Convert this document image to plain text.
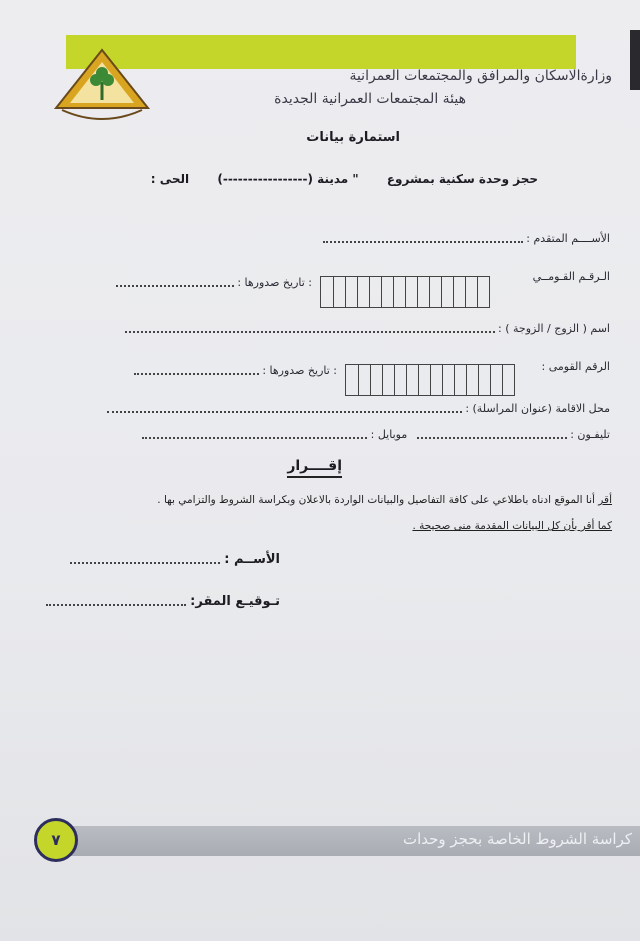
وزارةالاسكان والمرافق والمجتمعات العمرانية
هيئة المجتمعات العمرانية الجديدة
استمارة بيانات
حجز وحدة سكنية بمشروع " مدينة (-----------------) الحى :
الأســــم المتقدم :
الـرقـم القـومــي
: تاريخ صدورها :
اسم ( الزوج / الزوجة ) :
الرقم القومى :
: تاريخ صدورها :
محل الاقامة (عنوان المراسلة) :
تليفـون :  موبايل :
إقــــرار
أقر أنا الموقع ادناه باطلاعي على كافة التفاصيل والبيانات الواردة بالاعلان وبكراسة الشروط والتزامي بها .
كما أقر بأن كل البيانات المقدمة منى صحيحة .
الأســم :
تـوقيـع المقر:
كراسة الشروط الخاصة بحجز وحدات
٧
